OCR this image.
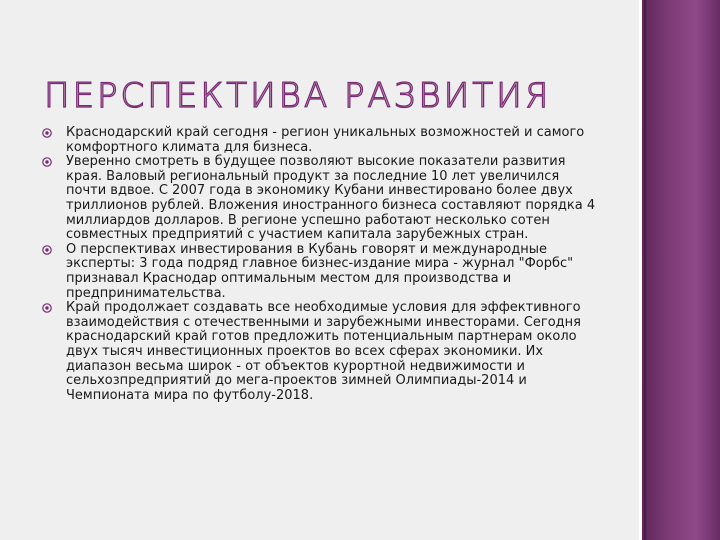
ПЕРСПЕКТИВА РАЗВИТИЯ
Краснодарский край сегодня - регион уникальных возможностей и самого комфортного климата для бизнеса.
Уверенно смотреть в будущее позволяют высокие показатели развития края. Валовый региональный продукт за последние 10 лет увеличился почти вдвое. С 2007 года в экономику Кубани инвестировано более двух триллионов рублей. Вложения иностранного бизнеса составляют порядка 4 миллиардов долларов. В регионе успешно работают несколько сотен совместных предприятий с участием капитала зарубежных стран.
О перспективах инвестирования в Кубань говорят и международные эксперты: 3 года подряд главное бизнес-издание мира - журнал "Форбс" признавал Краснодар оптимальным местом для производства и предпринимательства.
Край продолжает создавать все необходимые условия для эффективного взаимодействия с отечественными и зарубежными инвесторами. Сегодня краснодарский край готов предложить потенциальным партнерам около двух тысяч инвестиционных проектов во всех сферах экономики. Их диапазон весьма широк - от объектов курортной недвижимости и сельхозпредприятий до мега-проектов зимней Олимпиады-2014 и Чемпионата мира по футболу-2018.
